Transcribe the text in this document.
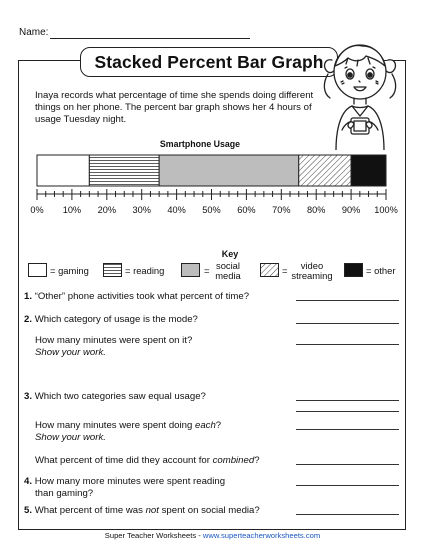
Name:
Stacked Percent Bar Graph
Inaya records what percentage of time she spends doing different things on her phone. The percent bar graph shows her 4 hours of usage Tuesday night.
Smartphone Usage
0% 10% 20% 30% 40% 50% 60% 70% 80% 90% 100%
Key
= gaming	= reading	= social
media	=	video
streaming	= other
1. “Other” phone activities took what percent of time?
2. Which category of usage is the mode?
How many minutes were spent on it?
Show your work.
3. Which two categories saw equal usage?
How many minutes were spent doing each?
Show your work.
What percent of time did they account for combined?
4. How many more minutes were spent reading
than gaming?
5. What percent of time was not spent on social media?
Super Teacher Worksheets - www.superteacherworksheets.com
